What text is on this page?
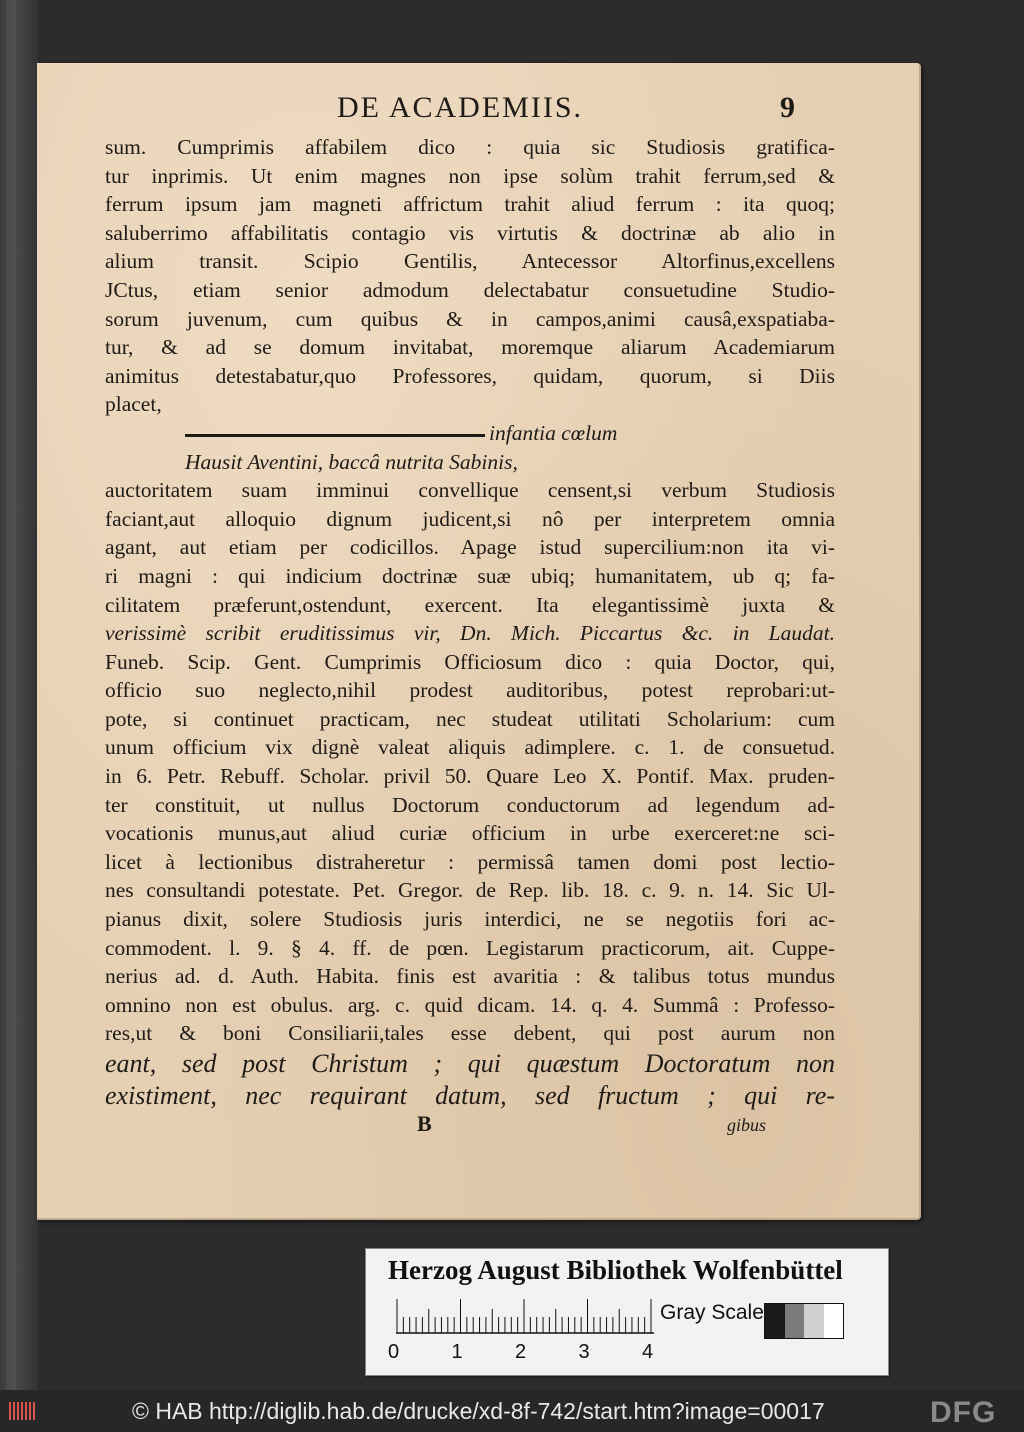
DE ACADEMIIS.	9
sum. Cumprimis affabilem dico : quia sic Studiosis gratifica-
tur inprimis. Ut enim magnes non ipse solùm trahit ferrum,sed &
ferrum ipsum jam magneti affrictum trahit aliud ferrum : ita quoq;
saluberrimo affabilitatis contagio vis virtutis & doctrinæ ab alio in
alium transit. Scipio Gentilis, Antecessor Altorfinus,excellens
JCtus, etiam senior admodum delectabatur consuetudine Studio-
sorum juvenum, cum quibus & in campos,animi causâ,exspatiaba-
tur, & ad se domum invitabat, moremque aliarum Academiarum
animitus detestabatur,quo Professores, quidam, quorum, si Diis
placet,
infantia cœlum
Hausit Aventini, baccâ nutrita Sabinis,
auctoritatem suam imminui convellique censent,si verbum Studiosis
faciant,aut alloquio dignum judicent,si nô per interpretem omnia
agant, aut etiam per codicillos. Apage istud supercilium:non ita vi-
ri magni : qui indicium doctrinæ suæ ubiq; humanitatem, ub q; fa-
cilitatem præferunt,ostendunt, exercent. Ita elegantissimè juxta &
verissimè scribit eruditissimus vir, Dn. Mich. Piccartus &c. in Laudat.
Funeb. Scip. Gent. Cumprimis Officiosum dico : quia Doctor, qui,
officio suo neglecto,nihil prodest auditoribus, potest reprobari:ut-
pote, si continuet practicam, nec studeat utilitati Scholarium: cum
unum officium vix dignè valeat aliquis adimplere. c. 1. de consuetud.
in 6. Petr. Rebuff. Scholar. privil 50. Quare Leo X. Pontif. Max. pruden-
ter constituit, ut nullus Doctorum conductorum ad legendum ad-
vocationis munus,aut aliud curiæ officium in urbe exerceret:ne sci-
licet à lectionibus distraheretur : permissâ tamen domi post lectio-
nes consultandi potestate. Pet. Gregor. de Rep. lib. 18. c. 9. n. 14. Sic Ul-
pianus dixit, solere Studiosis juris interdici, ne se negotiis fori ac-
commodent. l. 9. § 4. ff. de pœn. Legistarum practicorum, ait. Cuppe-
nerius ad. d. Auth. Habita. finis est avaritia : & talibus totus mundus
omnino non est obulus. arg. c. quid dicam. 14. q. 4. Summâ : Professo-
res,ut & boni Consiliarii,tales esse debent, qui post aurum non
eant, sed post Christum ; qui quæstum Doctoratum non
existiment, nec requirant datum, sed fructum ; qui re-
B	gibus
Herzog August Bibliothek Wolfenbüttel
0	1	2	3	4
Gray Scale
© HAB http://diglib.hab.de/drucke/xd-8f-742/start.htm?image=00017	DFG
